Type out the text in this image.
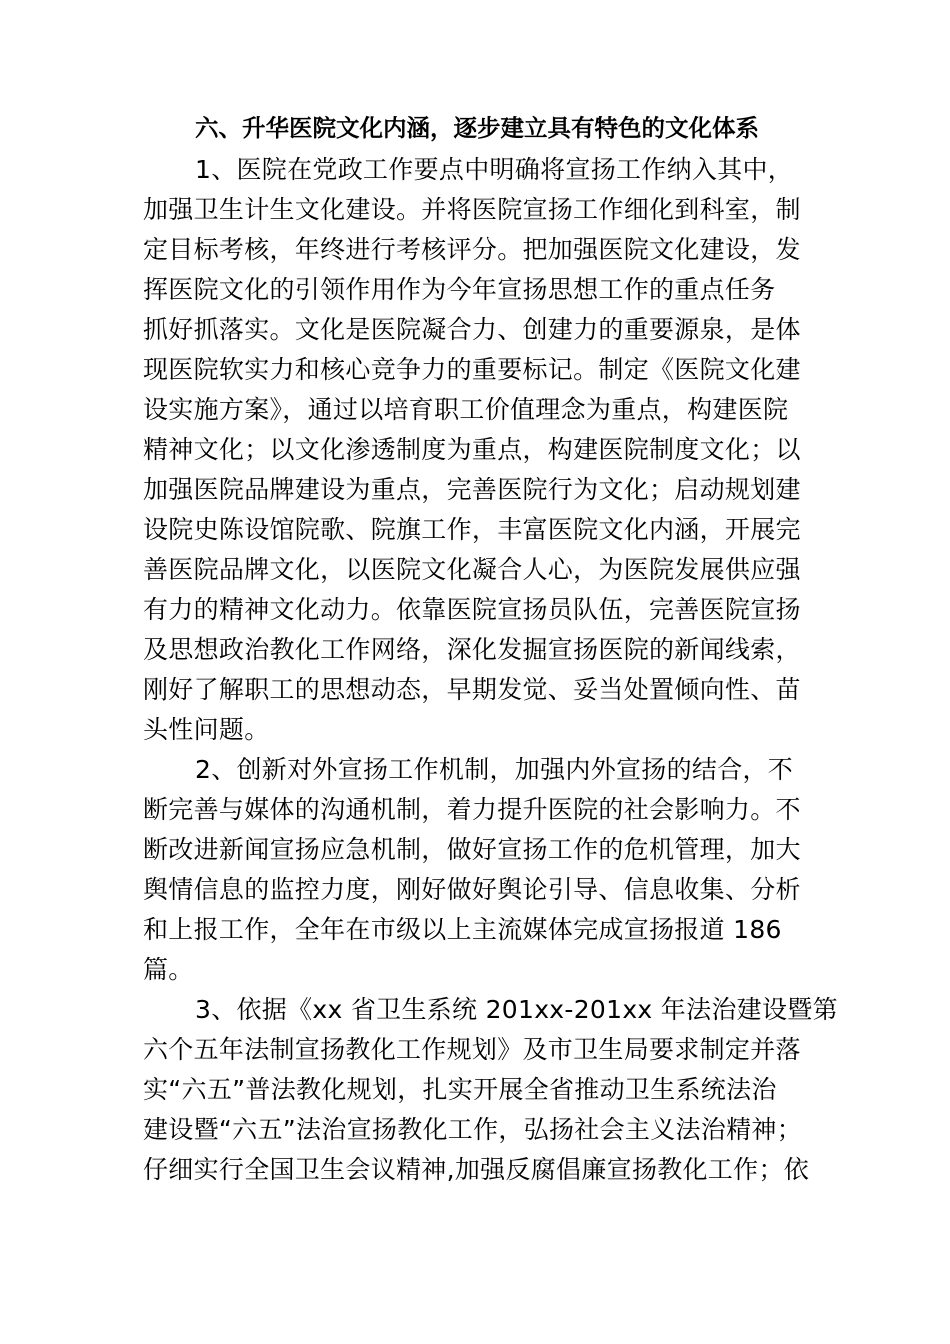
六、升华医院文化内涵，逐步建立具有特色的文化体系
1、医院在党政工作要点中明确将宣扬工作纳入其中，
加强卫生计生文化建设。并将医院宣扬工作细化到科室，制
定目标考核，年终进行考核评分。把加强医院文化建设，发
挥医院文化的引领作用作为今年宣扬思想工作的重点任务
抓好抓落实。文化是医院凝合力、创建力的重要源泉，是体
现医院软实力和核心竞争力的重要标记。制定《医院文化建
设实施方案》，通过以培育职工价值理念为重点，构建医院
精神文化；以文化渗透制度为重点，构建医院制度文化；以
加强医院品牌建设为重点，完善医院行为文化；启动规划建
设院史陈设馆院歌、院旗工作，丰富医院文化内涵，开展完
善医院品牌文化，以医院文化凝合人心，为医院发展供应强
有力的精神文化动力。依靠医院宣扬员队伍，完善医院宣扬
及思想政治教化工作网络，深化发掘宣扬医院的新闻线索，
刚好了解职工的思想动态，早期发觉、妥当处置倾向性、苗
头性问题。
2、创新对外宣扬工作机制，加强内外宣扬的结合，不
断完善与媒体的沟通机制，着力提升医院的社会影响力。不
断改进新闻宣扬应急机制，做好宣扬工作的危机管理，加大
舆情信息的监控力度，刚好做好舆论引导、信息收集、分析
和上报工作，全年在市级以上主流媒体完成宣扬报道 186
篇。
3、依据《xx 省卫生系统 201xx-201xx 年法治建设暨第
六个五年法制宣扬教化工作规划》及市卫生局要求制定并落
实“六五”普法教化规划，扎实开展全省推动卫生系统法治
建设暨“六五”法治宣扬教化工作，弘扬社会主义法治精神；
仔细实行全国卫生会议精神,加强反腐倡廉宣扬教化工作；依
